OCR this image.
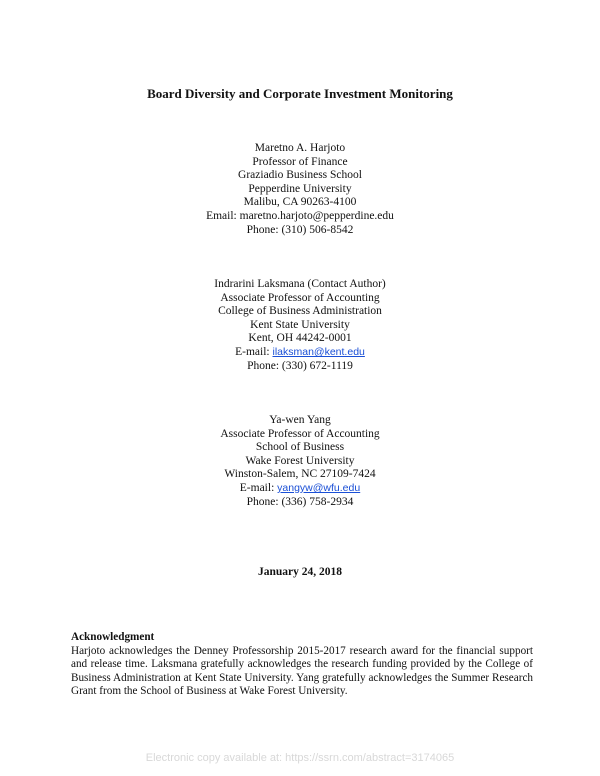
Board Diversity and Corporate Investment Monitoring
Maretno A. Harjoto
Professor of Finance
Graziadio Business School
Pepperdine University
Malibu, CA 90263-4100
Email: maretno.harjoto@pepperdine.edu
Phone: (310) 506-8542
Indrarini Laksmana (Contact Author)
Associate Professor of Accounting
College of Business Administration
Kent State University
Kent, OH 44242-0001
E-mail: ilaksman@kent.edu
Phone: (330) 672-1119
Ya-wen Yang
Associate Professor of Accounting
School of Business
Wake Forest University
Winston-Salem, NC 27109-7424
E-mail: yangyw@wfu.edu
Phone: (336) 758-2934
January 24, 2018
Acknowledgment
Harjoto acknowledges the Denney Professorship 2015-2017 research award for the financial support and release time. Laksmana gratefully acknowledges the research funding provided by the College of Business Administration at Kent State University. Yang gratefully acknowledges the Summer Research Grant from the School of Business at Wake Forest University.
Electronic copy available at: https://ssrn.com/abstract=3174065
